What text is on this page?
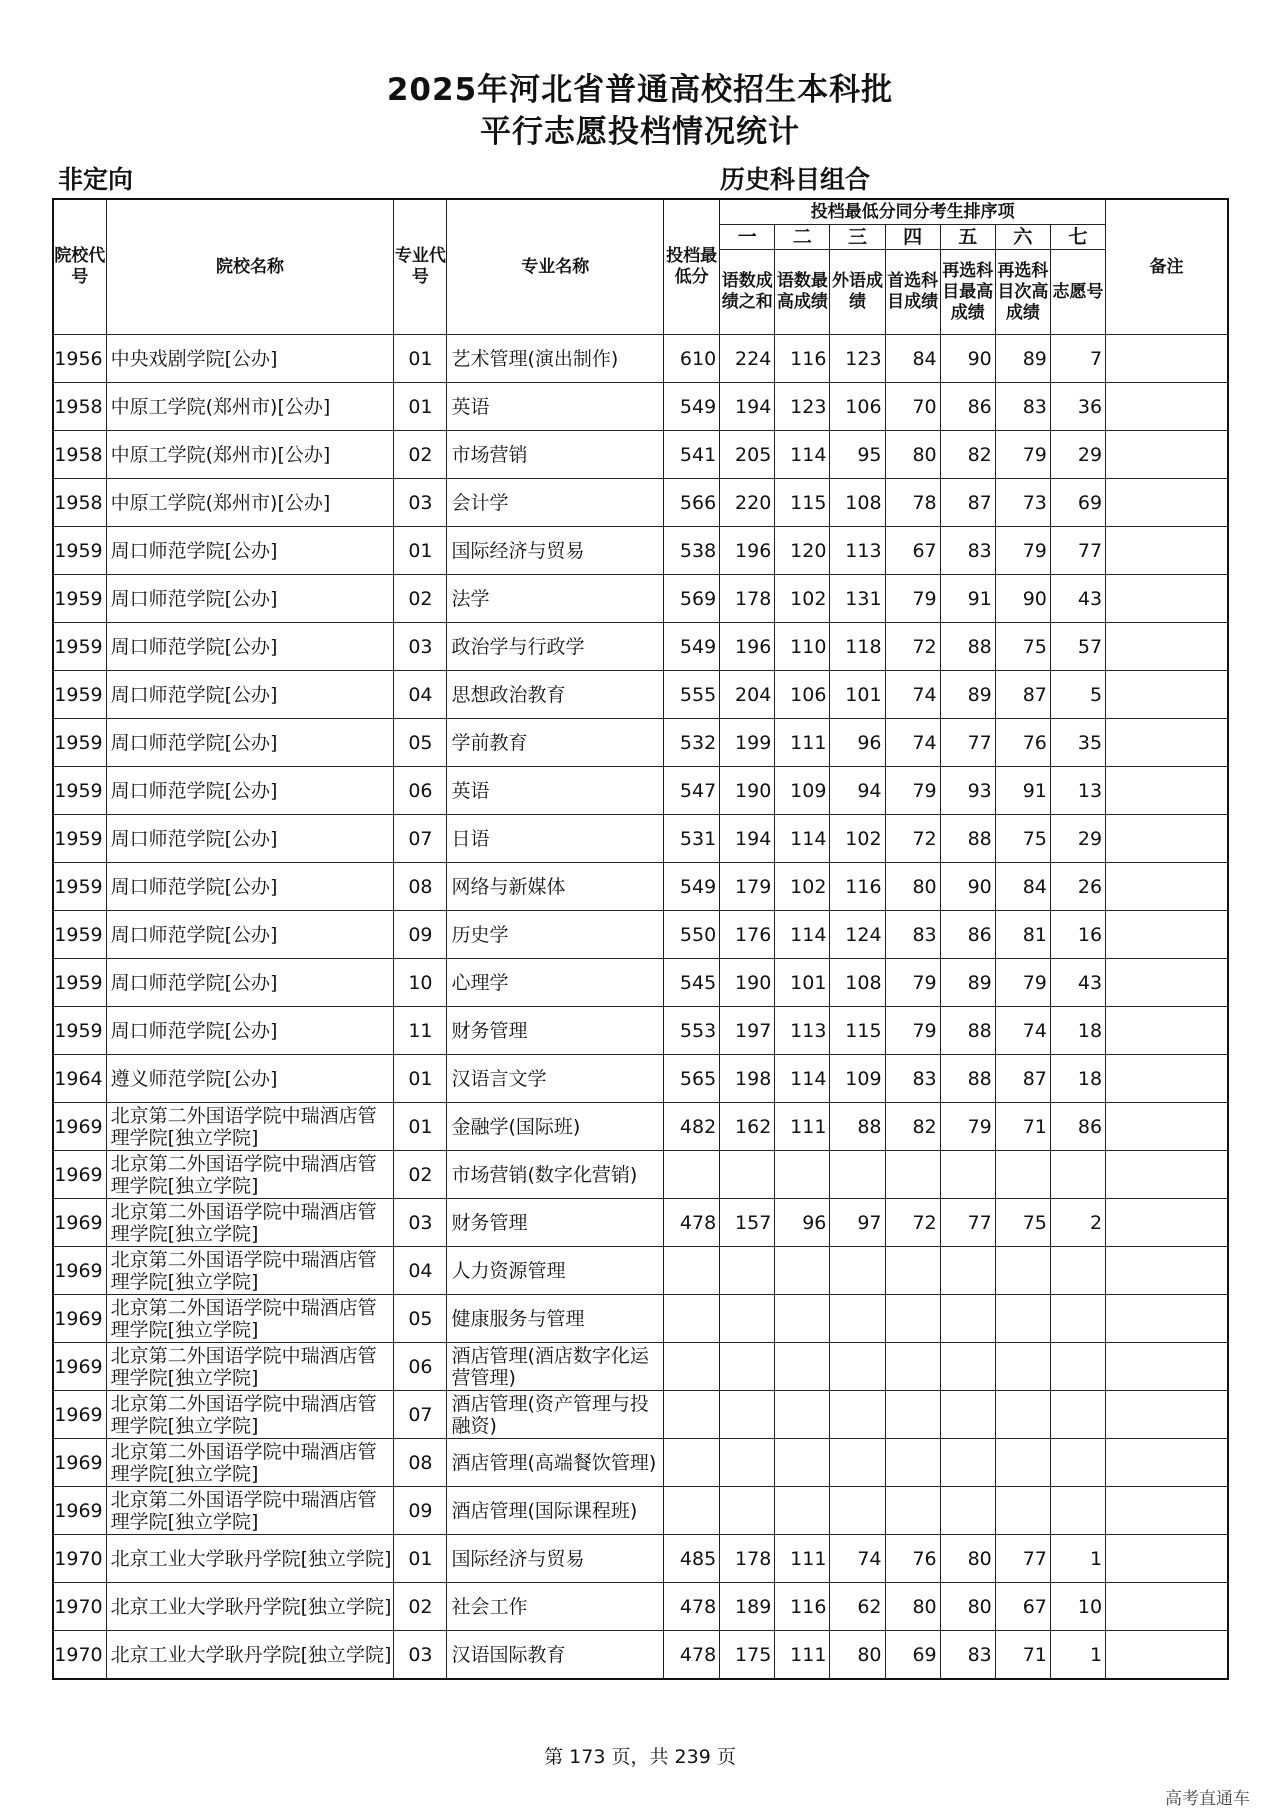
2025年河北省普通高校招生本科批
平行志愿投档情况统计
非定向	历史科目组合
院校代号	院校名称	专业代号	专业名称	投档最低分	投档最低分同分考生排序项							备注
					一	二	三	四	五	六	七	
					语数成绩之和	语数最高成绩	外语成绩	首选科目成绩	再选科目最高成绩	再选科目次高成绩	志愿号	
1956	中央戏剧学院[公办]	01	艺术管理(演出制作)	610	224	116	123	84	90	89	7	
1958	中原工学院(郑州市)[公办]	01	英语	549	194	123	106	70	86	83	36	
1958	中原工学院(郑州市)[公办]	02	市场营销	541	205	114	95	80	82	79	29	
1958	中原工学院(郑州市)[公办]	03	会计学	566	220	115	108	78	87	73	69	
1959	周口师范学院[公办]	01	国际经济与贸易	538	196	120	113	67	83	79	77	
1959	周口师范学院[公办]	02	法学	569	178	102	131	79	91	90	43	
1959	周口师范学院[公办]	03	政治学与行政学	549	196	110	118	72	88	75	57	
1959	周口师范学院[公办]	04	思想政治教育	555	204	106	101	74	89	87	5	
1959	周口师范学院[公办]	05	学前教育	532	199	111	96	74	77	76	35	
1959	周口师范学院[公办]	06	英语	547	190	109	94	79	93	91	13	
1959	周口师范学院[公办]	07	日语	531	194	114	102	72	88	75	29	
1959	周口师范学院[公办]	08	网络与新媒体	549	179	102	116	80	90	84	26	
1959	周口师范学院[公办]	09	历史学	550	176	114	124	83	86	81	16	
1959	周口师范学院[公办]	10	心理学	545	190	101	108	79	89	79	43	
1959	周口师范学院[公办]	11	财务管理	553	197	113	115	79	88	74	18	
1964	遵义师范学院[公办]	01	汉语言文学	565	198	114	109	83	88	87	18	
1969	北京第二外国语学院中瑞酒店管理学院[独立学院]	01	金融学(国际班)	482	162	111	88	82	79	71	86	
1969	北京第二外国语学院中瑞酒店管理学院[独立学院]	02	市场营销(数字化营销)									
1969	北京第二外国语学院中瑞酒店管理学院[独立学院]	03	财务管理	478	157	96	97	72	77	75	2	
1969	北京第二外国语学院中瑞酒店管理学院[独立学院]	04	人力资源管理									
1969	北京第二外国语学院中瑞酒店管理学院[独立学院]	05	健康服务与管理									
1969	北京第二外国语学院中瑞酒店管理学院[独立学院]	06	酒店管理(酒店数字化运营管理)									
1969	北京第二外国语学院中瑞酒店管理学院[独立学院]	07	酒店管理(资产管理与投融资)									
1969	北京第二外国语学院中瑞酒店管理学院[独立学院]	08	酒店管理(高端餐饮管理)									
1969	北京第二外国语学院中瑞酒店管理学院[独立学院]	09	酒店管理(国际课程班)									
1970	北京工业大学耿丹学院[独立学院]	01	国际经济与贸易	485	178	111	74	76	80	77	1	
1970	北京工业大学耿丹学院[独立学院]	02	社会工作	478	189	116	62	80	80	67	10	
1970	北京工业大学耿丹学院[独立学院]	03	汉语国际教育	478	175	111	80	69	83	71	1	
第 173 页，共 239 页
高考直通车
